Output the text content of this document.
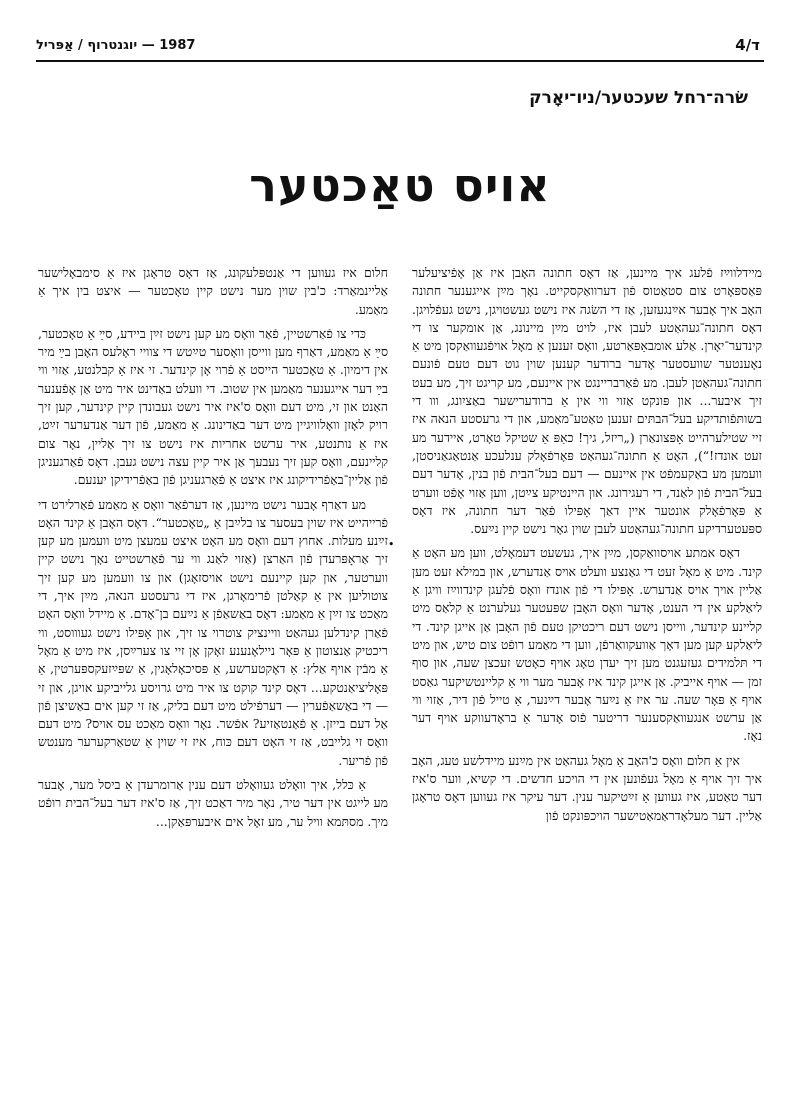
1987 — יוגנטרוף / אַפּריל	ד/4
שׂרה־רחל שעכטער/ניו־יאָרק
אויס טאַכטער

מיידלווײַז פֿלעג איך מיינען, אַז דאָס חתונה האָבן איז אַן אָפֿיציעלער פּאַספּאָרט צום סטאַטוס פֿון דערוואַקסקייט. נאָך מײַן אייגענער חתונה האָב איך אָבער אײַנגעזען, אַז די השׂגה איז נישט געשטויגן, נישט געפֿלויגן. דאָס חתונה־געהאַטע לעבן איז, לויט מײַן מיינונג, אַן אומקער צו די קינדער־יאָרן. אַלע אומבאַפּאַרטע, וואָס זענען אַ מאָל אויפֿגעוואַקסן מיט אַ נאָענטער שוועסטער אָדער ברודער קענען שוין גוט דעם טעם פֿונעם חתונה־געהאַטן לעבן. מע פֿאַרבריינגט אין איינעם, מע קריגט זיך, מע בעט זיך איבער... און פּונקט אַזוי ווי אין אַ ברודערישער באַציִונג, ווו די בשותּפֿותדיקע בעל־הבתּים זענען טאַטע־מאַמע, און די גרעסטע הנאה איז זיי שטילערהייט אָפּצונאַרן („ריזל, גיך! כאַפּ אַ שטיקל טאָרט, איידער מע זעט אונדז!“), האָט אַ חתונה־געהאַט פּאָרפֿאָלק ענלעכע אַנטאַגאַניסטן, וועמען מע באַקעמפֿט אין איינעם — דעם בעל־הבית פֿון בנין, אָדער דעם בעל־הבית פֿון לאַנד, די רעגירונג. און היינטיקע צײַטן, ווען אַזוי אָפֿט ווערט אַ פּאָרפֿאָלק אונטער איין דאַך אָפּילו פֿאַר דער חתונה, איז דאָס ספּעטערדיקע חתונה־געהאַטע לעבן שוין גאָר נישט קיין נײַעס.

דאָס אמתע אויסוואַקסן, מײַן איך, געשעט דעמאָלט, ווען מע האָט אַ קינד. מיט אַ מאָל זעט די גאַנצע וועלט אויס אַנדערש, און במילא זעט מען אַליין אויך אויס אַנדערש. אָפּילו די פֿון אונדז וואָס פֿלעגן קינדווײַז וויגן אַ ליאַלקע אין די הענט, אָדער וואָס האָבן שפּעטער געלערנט אַ קלאַס מיט קליינע קינדער, ווייסן נישט דעם ריכטיקן טעם פֿון האָבן אַן אייגן קינד. די ליאַלקע קען מען דאָך אַוועקוואַרפֿן, ווען די מאַמע רופֿט צום טיש, און מיט די תּלמידים געזעגנט מען זיך יעדן טאָג אויף כאָטש זעכצן שעה, און סוף זמן — אויף אייביק. אַן אייגן קינד איז אָבער מער ווי אַ קליינטשיקער גאַסט אויף אַ פּאָר שעה. ער איז אַ נײַער אָבער דײַנער, אַ טייל פֿון דיר, אַזוי ווי אַן ערשט אנגעוואַקסענער דריטער פֿוס אָדער אַ בראָדעווקע אויף דער נאָז.

אין אַ חלום וואָס כ'האָב אַ מאָל געהאַט אין מײַנע מיידלשע טעג, האָב איך זיך אויף אַ מאָל געפֿונען אין די הויכע חדשים. די קשיא, ווער ס'איז דער טאַטע, איז געווען אַ זײַטיקער ענין. דער עיקר איז געווען דאָס טראָגן אַליין. דער מעלאָדראַמאַטישער הויכפּונקט פֿון

•

חלום איז געווען די אַנטפּלעקונג, אַז דאָס טראָגן איז אַ סימבאָלישער אַליינמאַרד: כ'בין שוין מער נישט קיין טאָכטער — איצט בין איך אַ מאַמע.

כּדי צו פֿאַרשטיין, פֿאַר וואָס מע קען נישט זײַן ביידע, סײַ אַ טאָכטער, סײַ אַ מאַמע, דאַרף מען ווייסן וואָסער טײַטש די צוויי ראָלעס האָבן בײַ מיר אין דימיון. אַ טאָכטער הייסט אַ פֿרוי אָן קינדער. זי איז אַ קבלנטע, אַזוי ווי בײַ דער אייגענער מאַמען אין שטוב. די וועלט באַדינט איר מיט אַן אָפֿענער האַנט און זי, מיט דעם וואָס ס'איז איר נישט געבונדן קיין קינדער, קען זיך רויק לאָזן וואָלוויגיין מיט דער באַדינונג. אַ מאַמע, פֿון דער אַנדערער זײַט, איז אַ נותנטע, איר ערשט אחריות איז נישט צו זיך אַליין, נאָר צום קליינעם, וואָס קען זיך נעבעך אַן איר קיין עצה נישט געבן. דאָס פֿאַרגעניגן פֿון אַליין־באַפֿרידיקונג איז איצט אַ פֿאַרגעניגן פֿון באַפֿרידיקן יענעם.

מע דאַרף אָבער נישט מיינען, אַז דערפֿאַר וואָס אַ מאַמע פֿאַרלירט די פֿרייהייט איז שוין בעסער צו בלײַבן אַ „טאָכטער“. דאָס האָבן אַ קינד האָט זײַנע מעלות. אחוץ דעם וואָס מע האָט איצט עמעצן מיט וועמען מע קען זיך אַראָפּרעדן פֿון האַרצן (אַזוי לאַנג ווי ער פֿאַרשטייט נאָך נישט קיין ווערטער, און קען קיינעם נישט אויסזאָגן) און צו וועמען מע קען זיך צוטוליען אין אַ קאַלטן פֿרימאָרגן, איז די גרעסטע הנאה, מײַן איך, די מאַכט צו זײַן אַ מאַמע: דאָס באַשאַפֿן אַ נײַעם בן־אָדם. אַ מיידל וואָס האָט פֿאַרן קינדלען געהאַט וויינציק צוטרוי צו זיך, און אָפּילו נישט געוווסט, ווי ריכטיק אַנצוטון אַ פּאָר ניילאָנענע זאָקן אָן זיי צו צערײַסן, איז מיט אַ מאָל אַ מבֿין אויף אַלץ: אַ דאָקטערשע, אַ פּסיכאָלאָגין, אַ שפּײַזעקספּערטין, אַ פּאָליציאַנטקע... דאָס קינד קוקט צו איר מיט גרויסע גלייביקע אויגן, און זי — די באַשאַפֿערין — דערפֿילט מיט דעם בליק, אַז זי קען אים באַשיצן פֿון אַל דעם בייזן. אַ פֿאַנטאַזיע? אפֿשר. נאָר וואָס מאַכט עס אויס? מיט דעם וואָס זי גלייבט, אַז זי האָט דעם כּוח, איז זי שוין אַ שטאַרקערער מענטש פֿון פֿריער.

אַ כּלל, איך וואָלט געוואָלט דעם ענין אַרומרעדן אַ ביסל מער, אָבער מע לייגט אין דער טיר, נאָר מיר דאַכט זיך, אַז ס'איז דער בעל־הבית רופֿט מיך. מסתּמא וויל ער, מע זאָל אים איבערפּאַקן...
